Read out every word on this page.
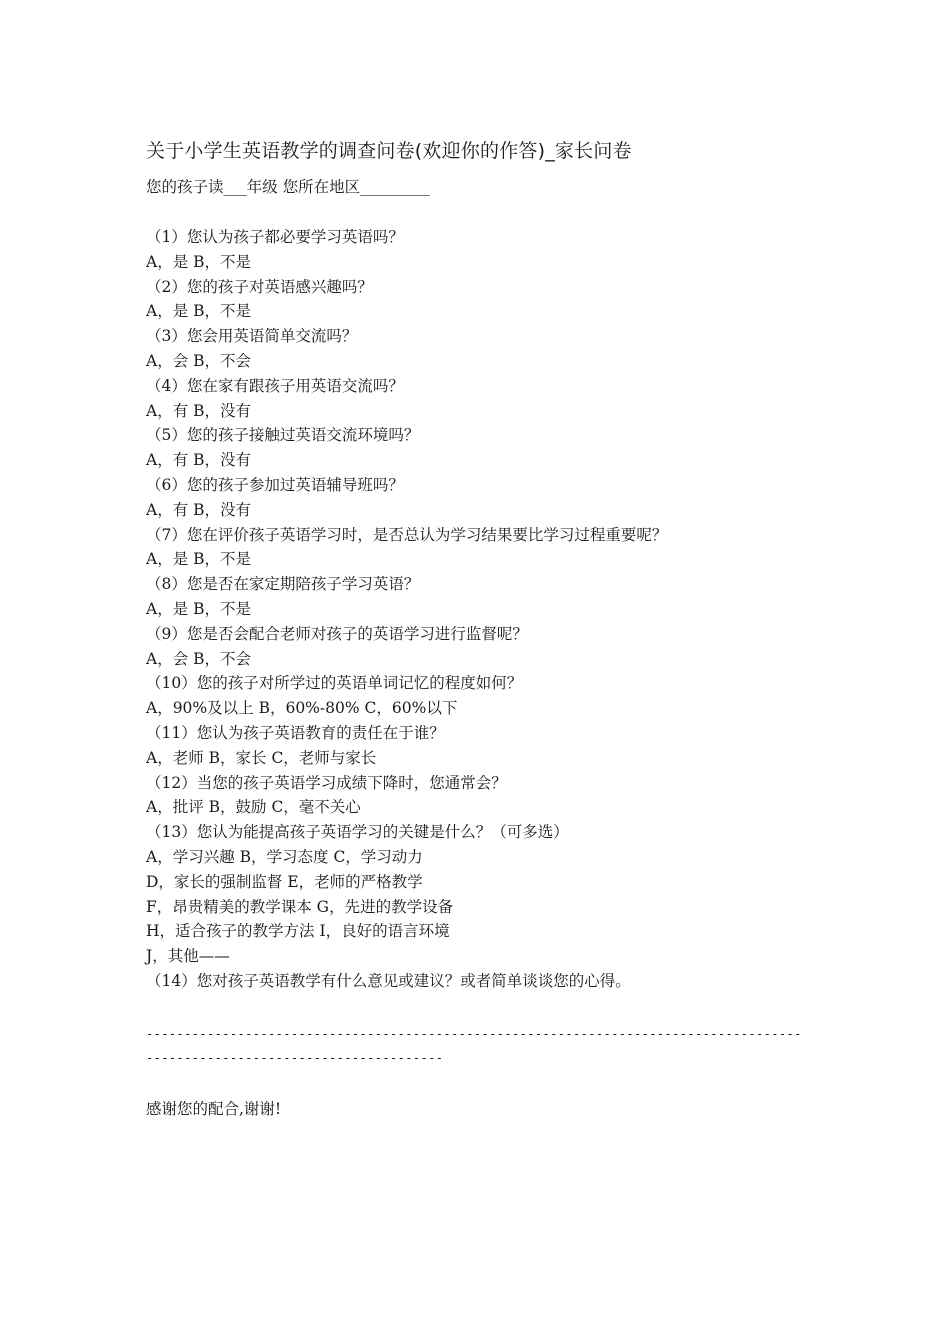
关于小学生英语教学的调查问卷(欢迎你的作答)_家长问卷
您的孩子读___年级 您所在地区_________
（1）您认为孩子都必要学习英语吗？
A，是 B，不是
（2）您的孩子对英语感兴趣吗？
A，是 B，不是
（3）您会用英语简单交流吗？
A，会 B，不会
（4）您在家有跟孩子用英语交流吗？
A，有 B，没有
（5）您的孩子接触过英语交流环境吗？
A，有 B，没有
（6）您的孩子参加过英语辅导班吗？
A，有 B，没有
（7）您在评价孩子英语学习时，是否总认为学习结果要比学习过程重要呢？
A，是 B，不是
（8）您是否在家定期陪孩子学习英语？
A，是 B，不是
（9）您是否会配合老师对孩子的英语学习进行监督呢？
A，会 B，不会
（10）您的孩子对所学过的英语单词记忆的程度如何？
A，90%及以上 B，60%-80% C，60%以下
（11）您认为孩子英语教育的责任在于谁？
A，老师 B，家长 C，老师与家长
（12）当您的孩子英语学习成绩下降时，您通常会？
A，批评 B，鼓励 C，毫不关心
（13）您认为能提高孩子英语学习的关键是什么？（可多选）
A，学习兴趣 B，学习态度 C，学习动力
D，家长的强制监督 E，老师的严格教学
F，昂贵精美的教学课本 G，先进的教学设备
H，适合孩子的教学方法 I，良好的语言环境
J，其他——
（14）您对孩子英语教学有什么意见或建议？或者简单谈谈您的心得。
-----------------------------------------------------------------------------------------------------------------------------
感谢您的配合,谢谢!
